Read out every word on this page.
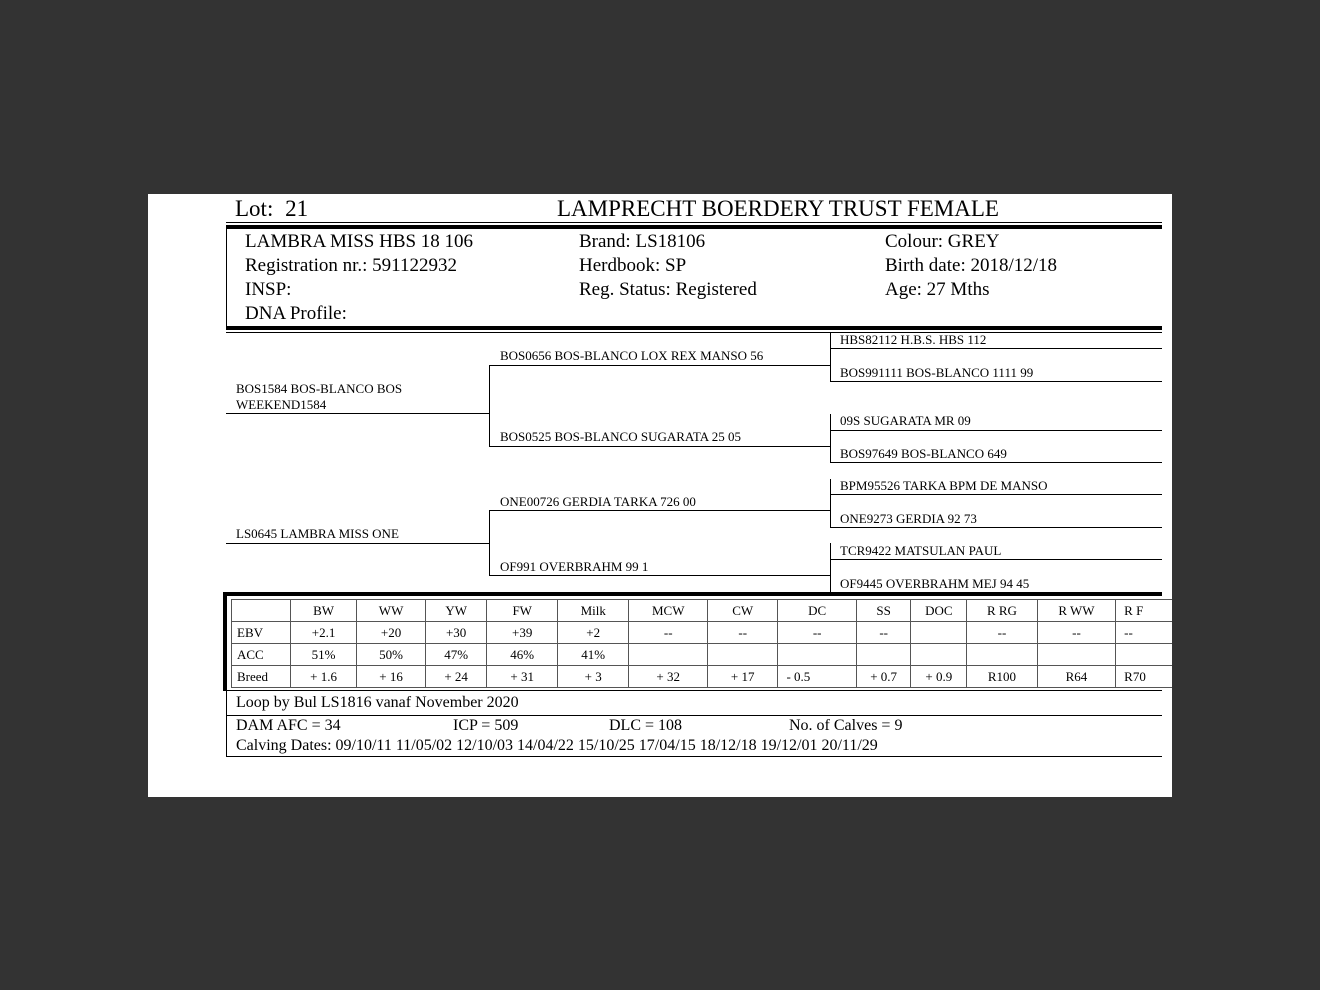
Lot: 21	LAMPRECHT BOERDERY TRUST FEMALE
LAMBRA MISS HBS 18 106
Registration nr.: 591122932
INSP:
DNA Profile:
Brand: LS18106
Herdbook: SP
Reg. Status: Registered
Colour: GREY
Birth date: 2018/12/18
Age: 27 Mths
BOS1584 BOS-BLANCO BOS WEEKEND1584
LS0645 LAMBRA MISS ONE
BOS0656 BOS-BLANCO LOX REX MANSO 56
BOS0525 BOS-BLANCO SUGARATA 25 05
ONE00726 GERDIA TARKA 726 00
OF991 OVERBRAHM 99 1
HBS82112 H.B.S. HBS 112
BOS991111 BOS-BLANCO 1111 99
09S SUGARATA MR 09
BOS97649 BOS-BLANCO 649
BPM95526 TARKA BPM DE MANSO
ONE9273 GERDIA 92 73
TCR9422 MATSULAN PAUL
OF9445 OVERBRAHM MEJ 94 45
	BW	WW	YW	FW	Milk	MCW	CW	DC	SS	DOC	R RG	R WW	R F
EBV	+2.1	+20	+30	+39	+2	--	--	--	--		--	--	--
ACC	51%	50%	47%	46%	41%								
Breed	+ 1.6	+ 16	+ 24	+ 31	+ 3	+ 32	+ 17	- 0.5	+ 0.7	+ 0.9	R100	R64	R70
Loop by Bul LS1816 vanaf November 2020
DAM AFC = 34	ICP = 509	DLC = 108	No. of Calves = 9
Calving Dates: 09/10/11 11/05/02 12/10/03 14/04/22 15/10/25 17/04/15 18/12/18 19/12/01 20/11/29
